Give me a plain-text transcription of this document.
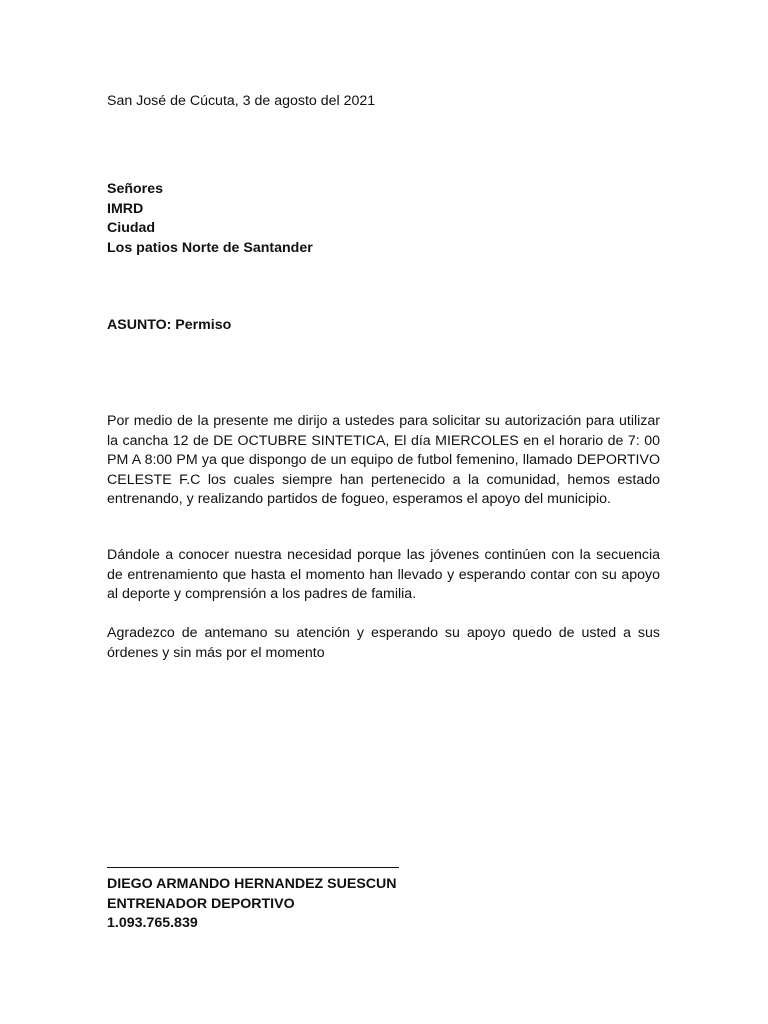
San José de Cúcuta, 3 de agosto del 2021

Señores
IMRD
Ciudad
Los patios Norte de Santander

ASUNTO: Permiso

Por medio de la presente me dirijo a ustedes para solicitar su autorización para utilizar la cancha 12 de DE OCTUBRE SINTETICA, El día MIERCOLES en el horario de 7: 00 PM A 8:00 PM ya que dispongo de un equipo de futbol femenino, llamado DEPORTIVO CELESTE F.C los cuales siempre han pertenecido a la comunidad, hemos estado entrenando, y realizando partidos de fogueo, esperamos el apoyo del municipio.

Dándole a conocer nuestra necesidad porque las jóvenes continúen con la secuencia de entrenamiento que hasta el momento han llevado y esperando contar con su apoyo al deporte y comprensión a los padres de familia.

Agradezco de antemano su atención y esperando su apoyo quedo de usted a sus órdenes y sin más por el momento

DIEGO ARMANDO HERNANDEZ SUESCUN
ENTRENADOR DEPORTIVO
1.093.765.839
